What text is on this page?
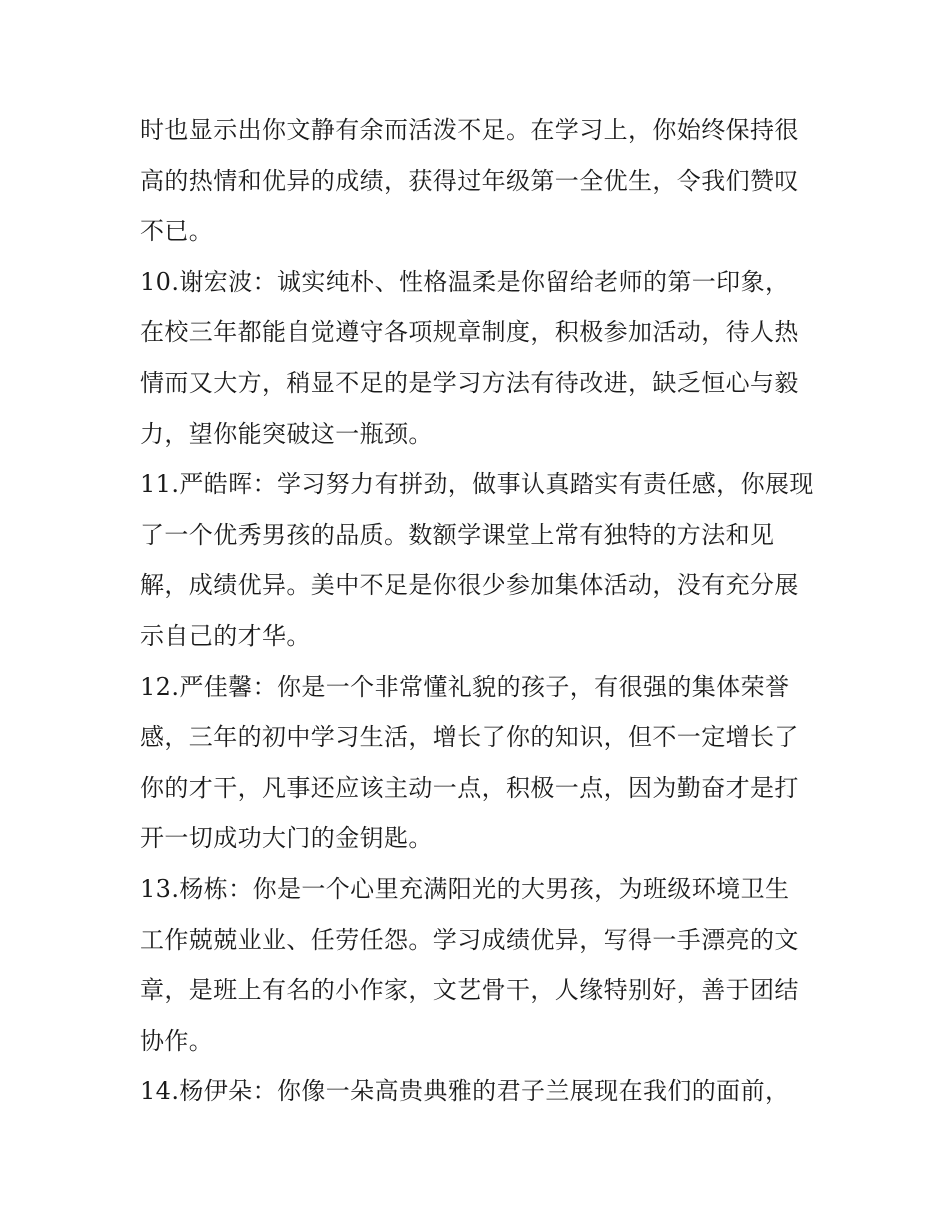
时也显示出你文静有余而活泼不足。在学习上，你始终保持很
高的热情和优异的成绩，获得过年级第一全优生，令我们赞叹
不已。
10.谢宏波：诚实纯朴、性格温柔是你留给老师的第一印象，
在校三年都能自觉遵守各项规章制度，积极参加活动，待人热
情而又大方，稍显不足的是学习方法有待改进，缺乏恒心与毅
力，望你能突破这一瓶颈。
11.严皓晖：学习努力有拼劲，做事认真踏实有责任感，你展现
了一个优秀男孩的品质。数额学课堂上常有独特的方法和见
解，成绩优异。美中不足是你很少参加集体活动，没有充分展
示自己的才华。
12.严佳馨：你是一个非常懂礼貌的孩子，有很强的集体荣誉
感，三年的初中学习生活，增长了你的知识，但不一定增长了
你的才干，凡事还应该主动一点，积极一点，因为勤奋才是打
开一切成功大门的金钥匙。
13.杨栋：你是一个心里充满阳光的大男孩，为班级环境卫生
工作兢兢业业、任劳任怨。学习成绩优异，写得一手漂亮的文
章，是班上有名的小作家，文艺骨干，人缘特别好，善于团结
协作。
14.杨伊朵：你像一朵高贵典雅的君子兰展现在我们的面前，
